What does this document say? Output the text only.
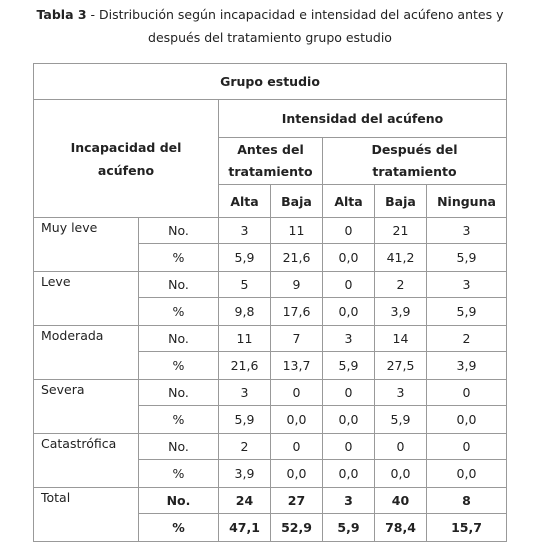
Tabla 3 - Distribución según incapacidad e intensidad del acúfeno antes y después del tratamiento grupo estudio
Grupo estudio						
Incapacidad del acúfeno		Intensidad del acúfeno				
		Antes del tratamiento		Después del tratamiento		
		Alta	Baja	Alta	Baja	Ninguna
Muy leve	No.	3	11	0	21	3
	%	5,9	21,6	0,0	41,2	5,9
Leve	No.	5	9	0	2	3
	%	9,8	17,6	0,0	3,9	5,9
Moderada	No.	11	7	3	14	2
	%	21,6	13,7	5,9	27,5	3,9
Severa	No.	3	0	0	3	0
	%	5,9	0,0	0,0	5,9	0,0
Catastrófica	No.	2	0	0	0	0
	%	3,9	0,0	0,0	0,0	0,0
Total	No.	24	27	3	40	8
	%	47,1	52,9	5,9	78,4	15,7
